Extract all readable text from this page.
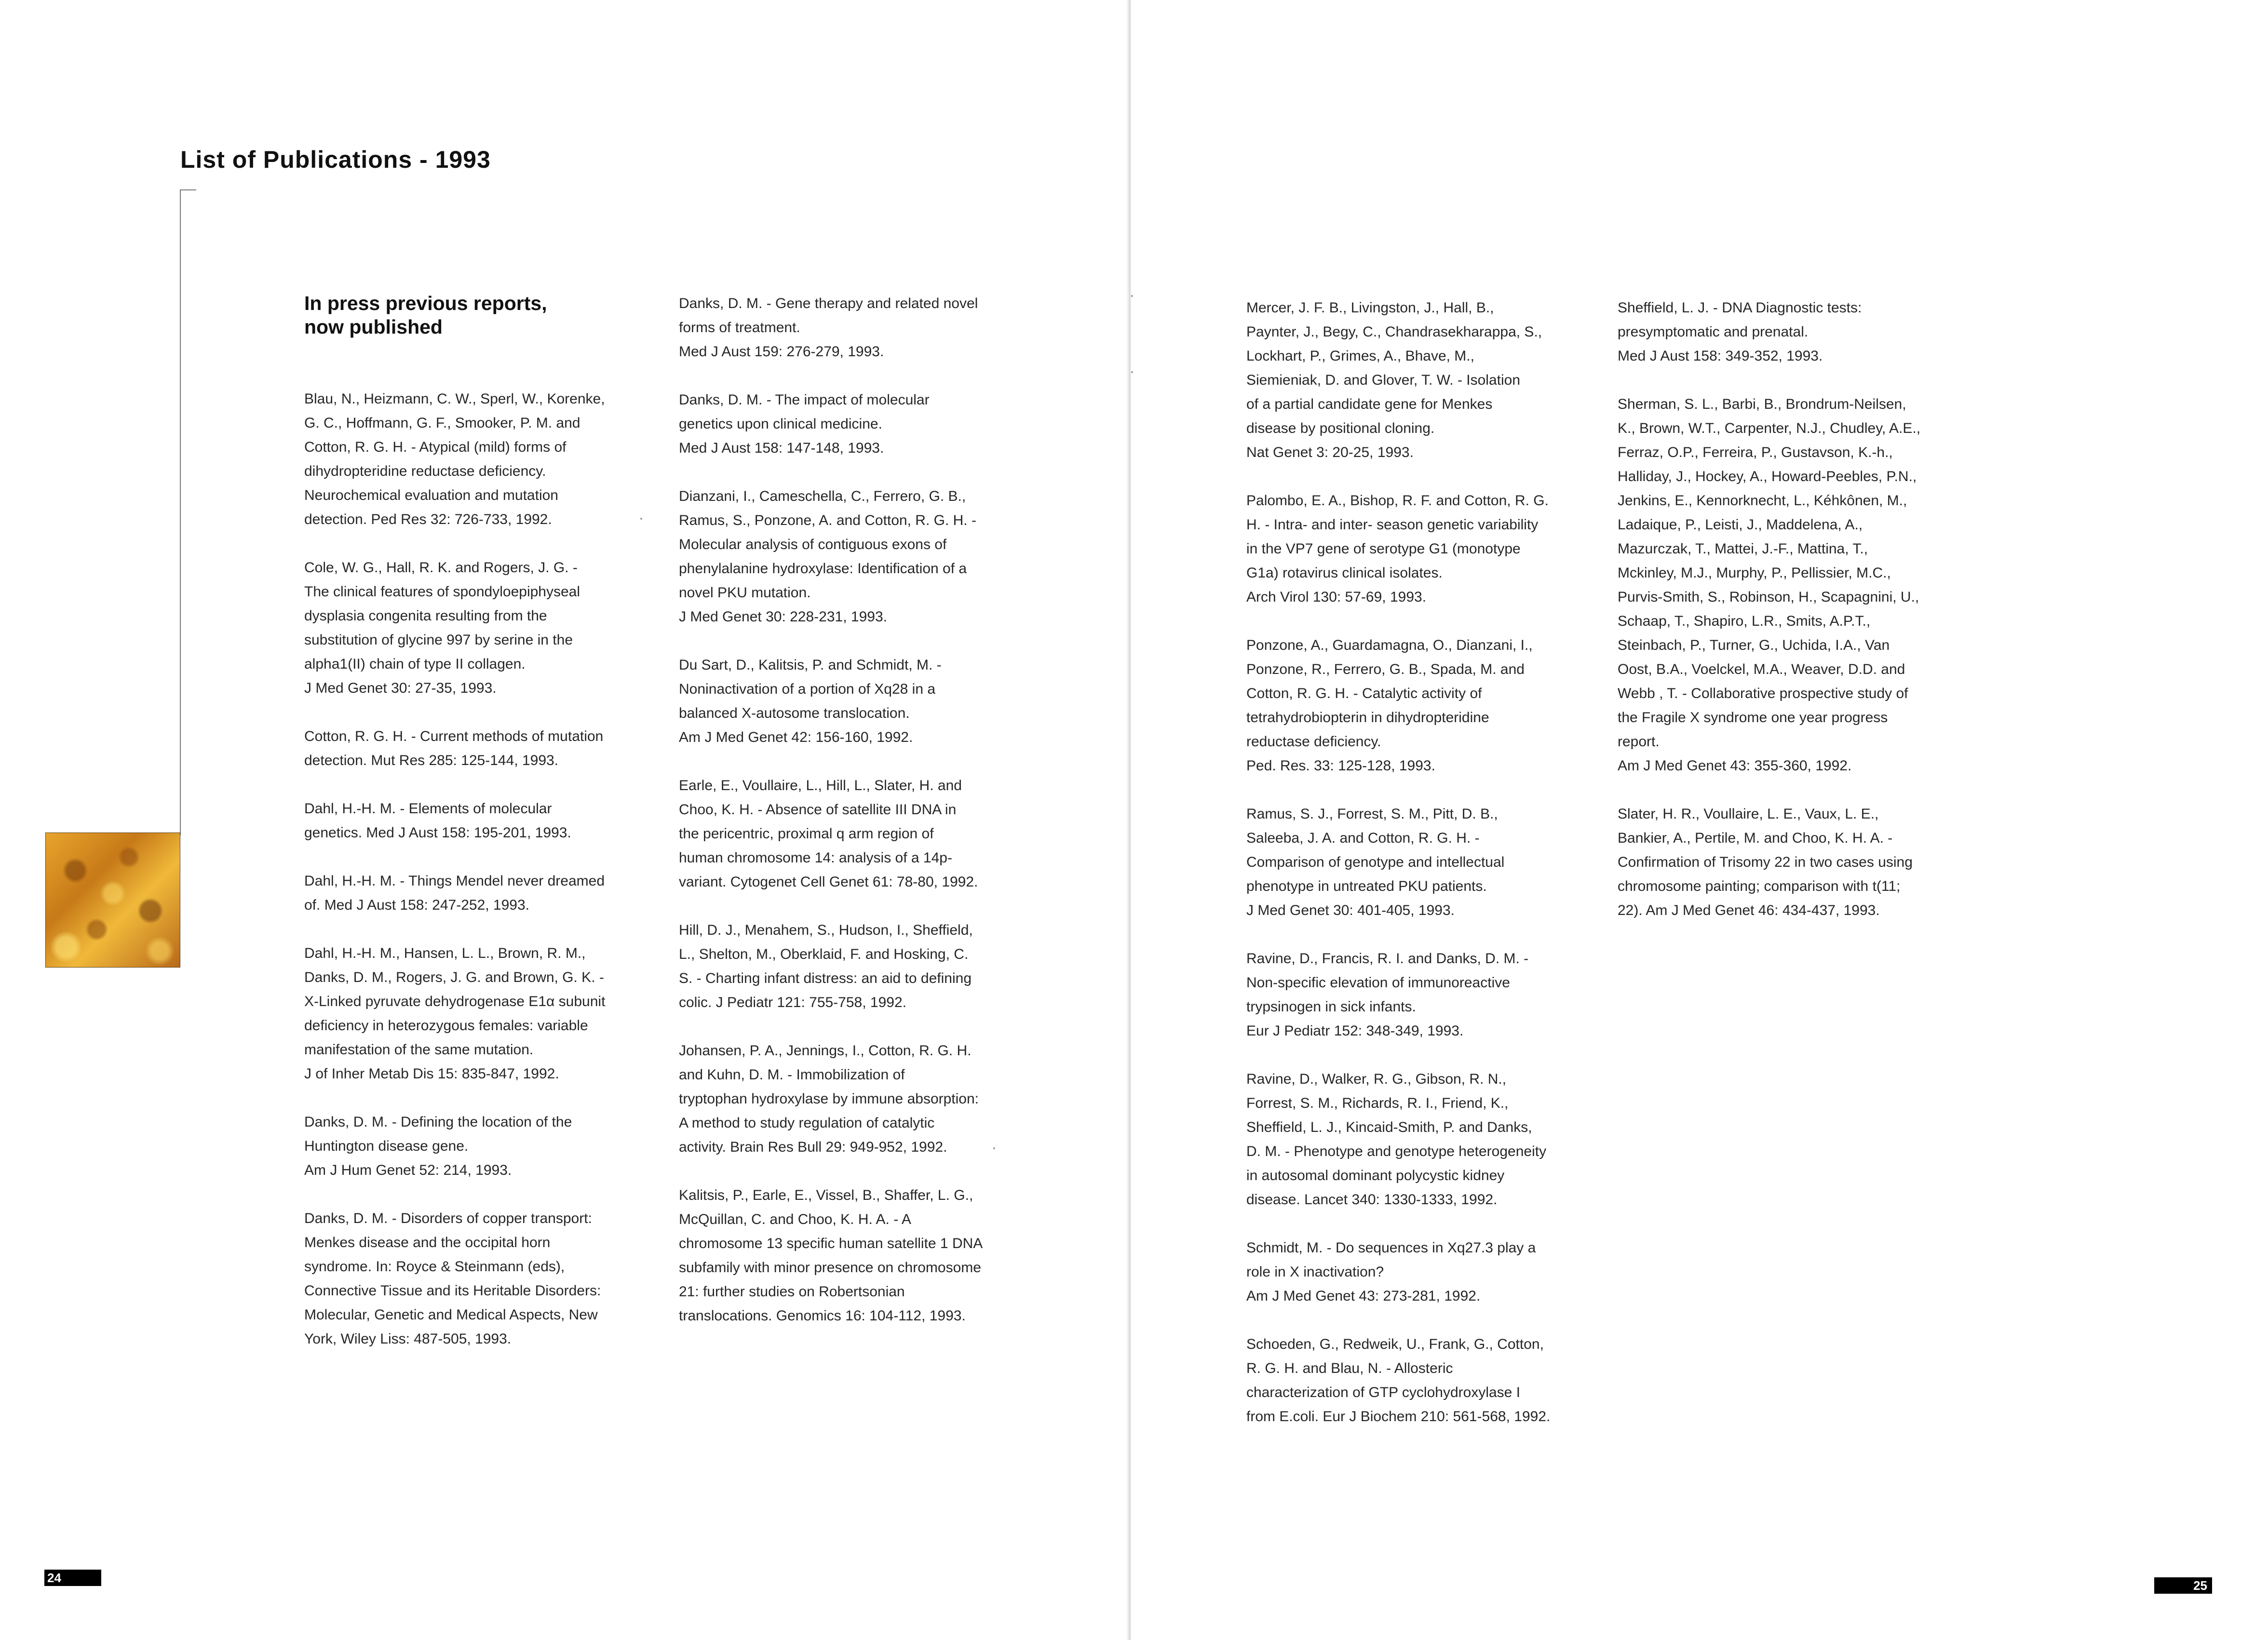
List of Publications - 1993
In press previous reports,
now published

Blau, N., Heizmann, C. W., Sperl, W., Korenke,
G. C., Hoffmann, G. F., Smooker, P. M. and
Cotton, R. G. H. - Atypical (mild) forms of
dihydropteridine reductase deficiency.
Neurochemical evaluation and mutation
detection. Ped Res 32: 726-733, 1992.

Cole, W. G., Hall, R. K. and Rogers, J. G. -
The clinical features of spondyloepiphyseal
dysplasia congenita resulting from the
substitution of glycine 997 by serine in the
alpha1(II) chain of type II collagen.
J Med Genet 30: 27-35, 1993.

Cotton, R. G. H. - Current methods of mutation
detection. Mut Res 285: 125-144, 1993.

Dahl, H.-H. M. - Elements of molecular
genetics. Med J Aust 158: 195-201, 1993.

Dahl, H.-H. M. - Things Mendel never dreamed
of. Med J Aust 158: 247-252, 1993.

Dahl, H.-H. M., Hansen, L. L., Brown, R. M.,
Danks, D. M., Rogers, J. G. and Brown, G. K. -
X-Linked pyruvate dehydrogenase E1α subunit
deficiency in heterozygous females: variable
manifestation of the same mutation.
J of Inher Metab Dis 15: 835-847, 1992.

Danks, D. M. - Defining the location of the
Huntington disease gene.
Am J Hum Genet 52: 214, 1993.

Danks, D. M. - Disorders of copper transport:
Menkes disease and the occipital horn
syndrome. In: Royce & Steinmann (eds),
Connective Tissue and its Heritable Disorders:
Molecular, Genetic and Medical Aspects, New
York, Wiley Liss: 487-505, 1993.

Danks, D. M. - Gene therapy and related novel
forms of treatment.
Med J Aust 159: 276-279, 1993.

Danks, D. M. - The impact of molecular
genetics upon clinical medicine.
Med J Aust 158: 147-148, 1993.

Dianzani, I., Cameschella, C., Ferrero, G. B.,
Ramus, S., Ponzone, A. and Cotton, R. G. H. -
Molecular analysis of contiguous exons of
phenylalanine hydroxylase: Identification of a
novel PKU mutation.
J Med Genet 30: 228-231, 1993.

Du Sart, D., Kalitsis, P. and Schmidt, M. -
Noninactivation of a portion of Xq28 in a
balanced X-autosome translocation.
Am J Med Genet 42: 156-160, 1992.

Earle, E., Voullaire, L., Hill, L., Slater, H. and
Choo, K. H. - Absence of satellite III DNA in
the pericentric, proximal q arm region of
human chromosome 14: analysis of a 14p-
variant. Cytogenet Cell Genet 61: 78-80, 1992.

Hill, D. J., Menahem, S., Hudson, I., Sheffield,
L., Shelton, M., Oberklaid, F. and Hosking, C.
S. - Charting infant distress: an aid to defining
colic. J Pediatr 121: 755-758, 1992.

Johansen, P. A., Jennings, I., Cotton, R. G. H.
and Kuhn, D. M. - Immobilization of
tryptophan hydroxylase by immune absorption:
A method to study regulation of catalytic
activity. Brain Res Bull 29: 949-952, 1992.

Kalitsis, P., Earle, E., Vissel, B., Shaffer, L. G.,
McQuillan, C. and Choo, K. H. A. - A
chromosome 13 specific human satellite 1 DNA
subfamily with minor presence on chromosome
21: further studies on Robertsonian
translocations. Genomics 16: 104-112, 1993.

24

Mercer, J. F. B., Livingston, J., Hall, B.,
Paynter, J., Begy, C., Chandrasekharappa, S.,
Lockhart, P., Grimes, A., Bhave, M.,
Siemieniak, D. and Glover, T. W. - Isolation
of a partial candidate gene for Menkes
disease by positional cloning.
Nat Genet 3: 20-25, 1993.

Palombo, E. A., Bishop, R. F. and Cotton, R. G.
H. - Intra- and inter- season genetic variability
in the VP7 gene of serotype G1 (monotype
G1a) rotavirus clinical isolates.
Arch Virol 130: 57-69, 1993.

Ponzone, A., Guardamagna, O., Dianzani, I.,
Ponzone, R., Ferrero, G. B., Spada, M. and
Cotton, R. G. H. - Catalytic activity of
tetrahydrobiopterin in dihydropteridine
reductase deficiency.
Ped. Res. 33: 125-128, 1993.

Ramus, S. J., Forrest, S. M., Pitt, D. B.,
Saleeba, J. A. and Cotton, R. G. H. -
Comparison of genotype and intellectual
phenotype in untreated PKU patients.
J Med Genet 30: 401-405, 1993.

Ravine, D., Francis, R. I. and Danks, D. M. -
Non-specific elevation of immunoreactive
trypsinogen in sick infants.
Eur J Pediatr 152: 348-349, 1993.

Ravine, D., Walker, R. G., Gibson, R. N.,
Forrest, S. M., Richards, R. I., Friend, K.,
Sheffield, L. J., Kincaid-Smith, P. and Danks,
D. M. - Phenotype and genotype heterogeneity
in autosomal dominant polycystic kidney
disease. Lancet 340: 1330-1333, 1992.

Schmidt, M. - Do sequences in Xq27.3 play a
role in X inactivation?
Am J Med Genet 43: 273-281, 1992.

Schoeden, G., Redweik, U., Frank, G., Cotton,
R. G. H. and Blau, N. - Allosteric
characterization of GTP cyclohydroxylase I
from E.coli. Eur J Biochem 210: 561-568, 1992.

Sheffield, L. J. - DNA Diagnostic tests:
presymptomatic and prenatal.
Med J Aust 158: 349-352, 1993.

Sherman, S. L., Barbi, B., Brondrum-Neilsen,
K., Brown, W.T., Carpenter, N.J., Chudley, A.E.,
Ferraz, O.P., Ferreira, P., Gustavson, K.-h.,
Halliday, J., Hockey, A., Howard-Peebles, P.N.,
Jenkins, E., Kennorknecht, L., Kéhkônen, M.,
Ladaique, P., Leisti, J., Maddelena, A.,
Mazurczak, T., Mattei, J.-F., Mattina, T.,
Mckinley, M.J., Murphy, P., Pellissier, M.C.,
Purvis-Smith, S., Robinson, H., Scapagnini, U.,
Schaap, T., Shapiro, L.R., Smits, A.P.T.,
Steinbach, P., Turner, G., Uchida, I.A., Van
Oost, B.A., Voelckel, M.A., Weaver, D.D. and
Webb , T. - Collaborative prospective study of
the Fragile X syndrome one year progress
report.
Am J Med Genet 43: 355-360, 1992.

Slater, H. R., Voullaire, L. E., Vaux, L. E.,
Bankier, A., Pertile, M. and Choo, K. H. A. -
Confirmation of Trisomy 22 in two cases using
chromosome painting; comparison with t(11;
22). Am J Med Genet 46: 434-437, 1993.

25
